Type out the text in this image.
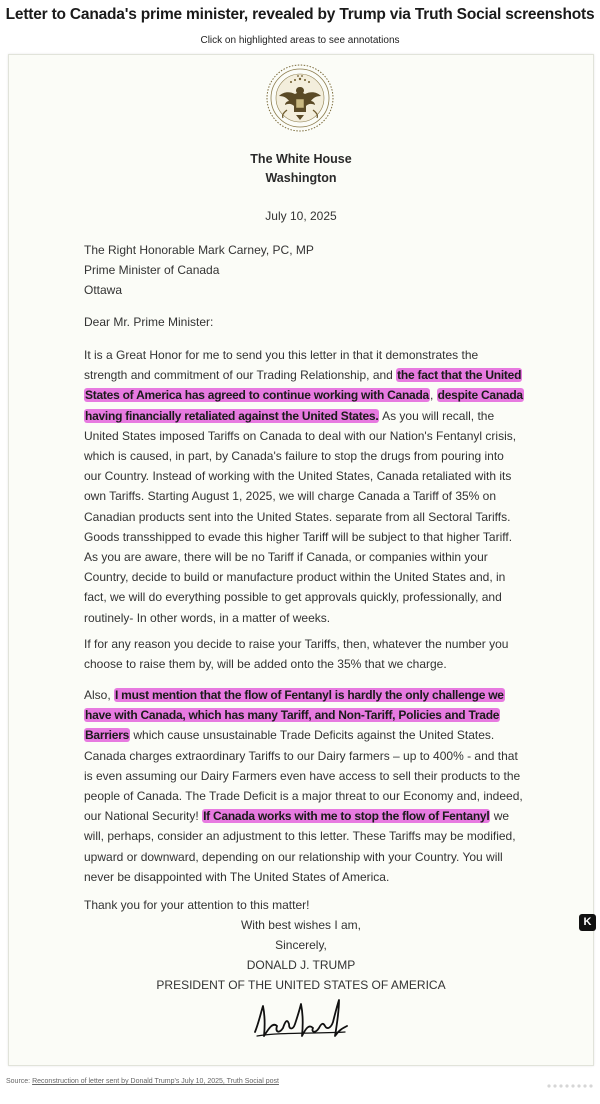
Letter to Canada's prime minister, revealed by Trump via Truth Social screenshots
Click on highlighted areas to see annotations
The White House
Washington
July 10, 2025
The Right Honorable Mark Carney, PC, MP
Prime Minister of Canada
Ottawa
Dear Mr. Prime Minister:
It is a Great Honor for me to send you this letter in that it demonstrates the strength and commitment of our Trading Relationship, and the fact that the United States of America has agreed to continue working with Canada, despite Canada having financially retaliated against the United States. As you will recall, the United States imposed Tariffs on Canada to deal with our Nation's Fentanyl crisis, which is caused, in part, by Canada's failure to stop the drugs from pouring into our Country. Instead of working with the United States, Canada retaliated with its own Tariffs. Starting August 1, 2025, we will charge Canada a Tariff of 35% on Canadian products sent into the United States. separate from all Sectoral Tariffs. Goods transshipped to evade this higher Tariff will be subject to that higher Tariff. As you are aware, there will be no Tariff if Canada, or companies within your Country, decide to build or manufacture product within the United States and, in fact, we will do everything possible to get approvals quickly, professionally, and routinely- In other words, in a matter of weeks.
If for any reason you decide to raise your Tariffs, then, whatever the number you choose to raise them by, will be added onto the 35% that we charge.
Also, I must mention that the flow of Fentanyl is hardly the only challenge we have with Canada, which has many Tariff, and Non-Tariff, Policies and Trade Barriers which cause unsustainable Trade Deficits against the United States. Canada charges extraordinary Tariffs to our Dairy farmers – up to 400% - and that is even assuming our Dairy Farmers even have access to sell their products to the people of Canada. The Trade Deficit is a major threat to our Economy and, indeed, our National Security! If Canada works with me to stop the flow of Fentanyl we will, perhaps, consider an adjustment to this letter. These Tariffs may be modified, upward or downward, depending on our relationship with your Country. You will never be disappointed with The United States of America.
Thank you for your attention to this matter!
With best wishes I am,
Sincerely,
DONALD J. TRUMP
PRESIDENT OF THE UNITED STATES OF AMERICA
K
Source: Reconstruction of letter sent by Donald Trump's July 10, 2025, Truth Social post
